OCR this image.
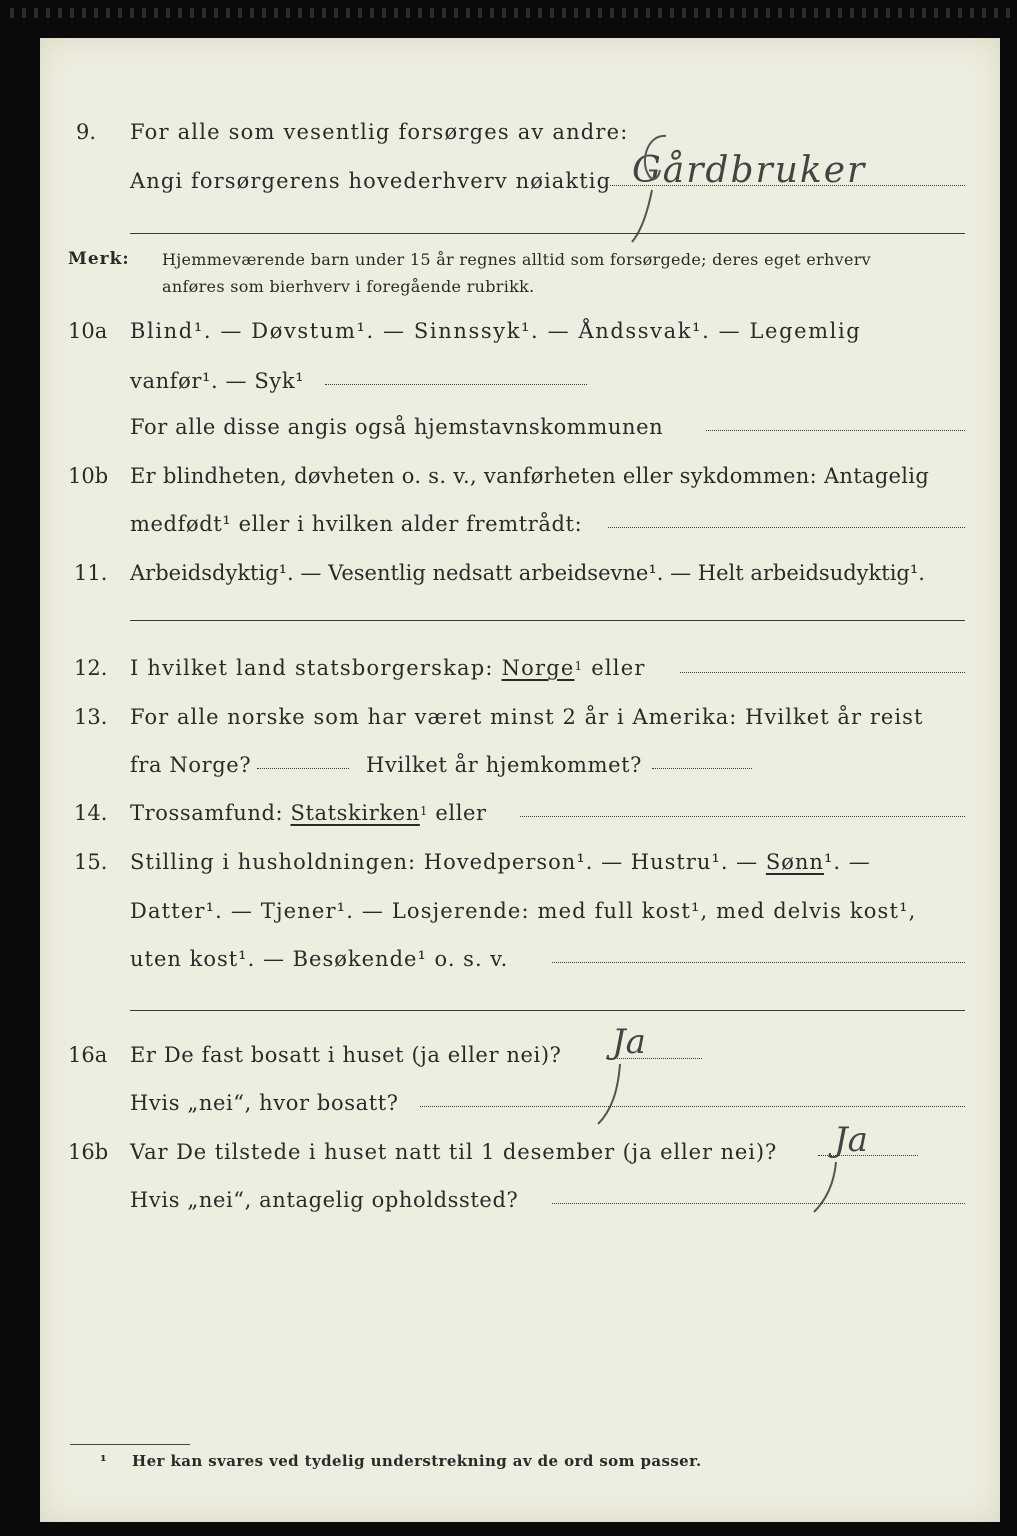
9. For alle som vesentlig forsørges av andre:
Angi forsørgerens hovederhverv nøiaktig Gårdbruker
Merk: Hjemmeværende barn under 15 år regnes alltid som forsørgede; deres eget erhverv
anføres som bierhverv i foregående rubrikk.
10a Blind¹. — Døvstum¹. — Sinnssyk¹. — Åndssvak¹. — Legemlig
vanfør¹. — Syk¹
For alle disse angis også hjemstavnskommunen
10b Er blindheten, døvheten o. s. v., vanførheten eller sykdommen: Antagelig
medfødt¹ eller i hvilken alder fremtrådt:
11. Arbeidsdyktig¹. — Vesentlig nedsatt arbeidsevne¹. — Helt arbeidsudyktig¹.
12. I hvilket land statsborgerskap: Norge$^1$ eller
13. For alle norske som har været minst 2 år i Amerika: Hvilket år reist
fra Norge?	Hvilket år hjemkommet?
14. Trossamfund: Statskirken$^1$ eller
15. Stilling i husholdningen: Hovedperson¹. — Hustru¹. — Sønn¹. —
Datter¹. — Tjener¹. — Losjerende: med full kost¹, med delvis kost¹,
uten kost¹. — Besøkende¹ o. s. v.
16a Er De fast bosatt i huset (ja eller nei)? Ja
Hvis „nei“, hvor bosatt?
16b Var De tilstede i huset natt til 1 desember (ja eller nei)? Ja
Hvis „nei“, antagelig opholdssted?
¹ Her kan svares ved tydelig understrekning av de ord som passer.
